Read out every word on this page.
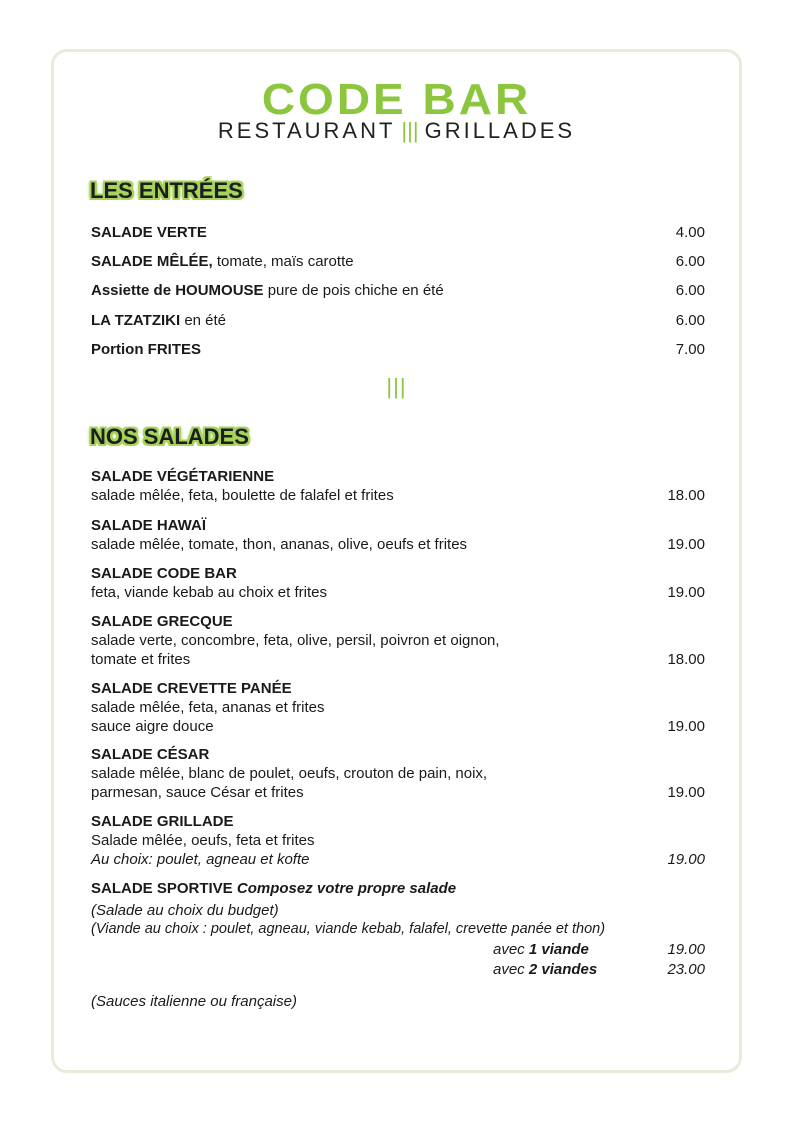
CODE BAR
RESTAURANT ||| GRILLADES
LES ENTRÉES
SALADE VERTE	4.00
SALADE MÊLÉE, tomate, maïs carotte	6.00
Assiette de HOUMOUSE pure de pois chiche en été	6.00
LA TZATZIKI en été	6.00
Portion FRITES	7.00
|||
NOS SALADES
SALADE VÉGÉTARIENNE
salade mêlée, feta, boulette de falafel et frites	18.00
SALADE HAWAÏ
salade mêlée, tomate, thon, ananas, olive, oeufs et frites	19.00
SALADE CODE BAR
feta, viande kebab au choix et frites	19.00
SALADE GRECQUE
salade verte, concombre, feta, olive, persil, poivron et oignon,
tomate et frites	18.00
SALADE CREVETTE PANÉE
salade mêlée, feta, ananas et frites
sauce aigre douce	19.00
SALADE CÉSAR
salade mêlée, blanc de poulet, oeufs, crouton de pain, noix,
parmesan, sauce César et frites	19.00
SALADE GRILLADE
Salade mêlée, oeufs, feta et frites
Au choix: poulet, agneau et kofte	19.00
SALADE SPORTIVE Composez votre propre salade
(Salade au choix du budget)
(Viande au choix : poulet, agneau, viande kebab, falafel, crevette panée et thon)
avec 1 viande	19.00
avec 2 viandes	23.00
(Sauces italienne ou française)
